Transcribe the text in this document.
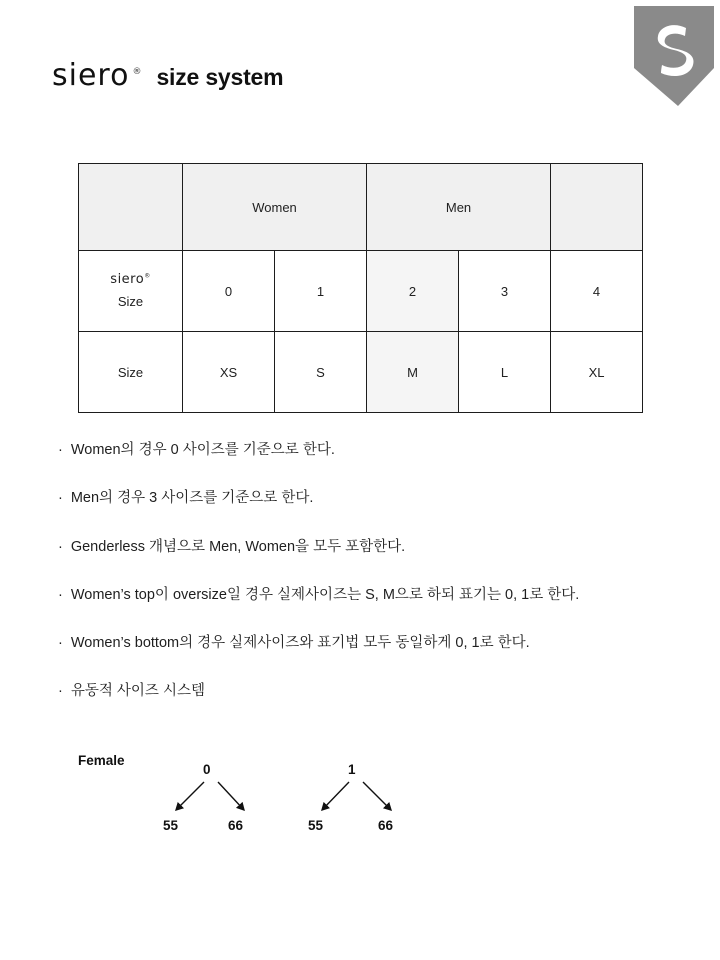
siero ® size system
	Women		Men		

siero®
Size	0	1	2	3	4
Size	XS	S	M	L	XL
· Women의 경우 0 사이즈를 기준으로 한다.
· Men의 경우 3 사이즈를 기준으로 한다.
· Genderless 개념으로 Men, Women을 모두 포함한다.
· Women’s top이 oversize일 경우 실제사이즈는 S, M으로 하되 표기는 0, 1로 한다.
· Women’s bottom의 경우 실제사이즈와 표기법 모두 동일하게 0, 1로 한다.
· 유동적 사이즈 시스템
Female
0
55	66
1
55	66
